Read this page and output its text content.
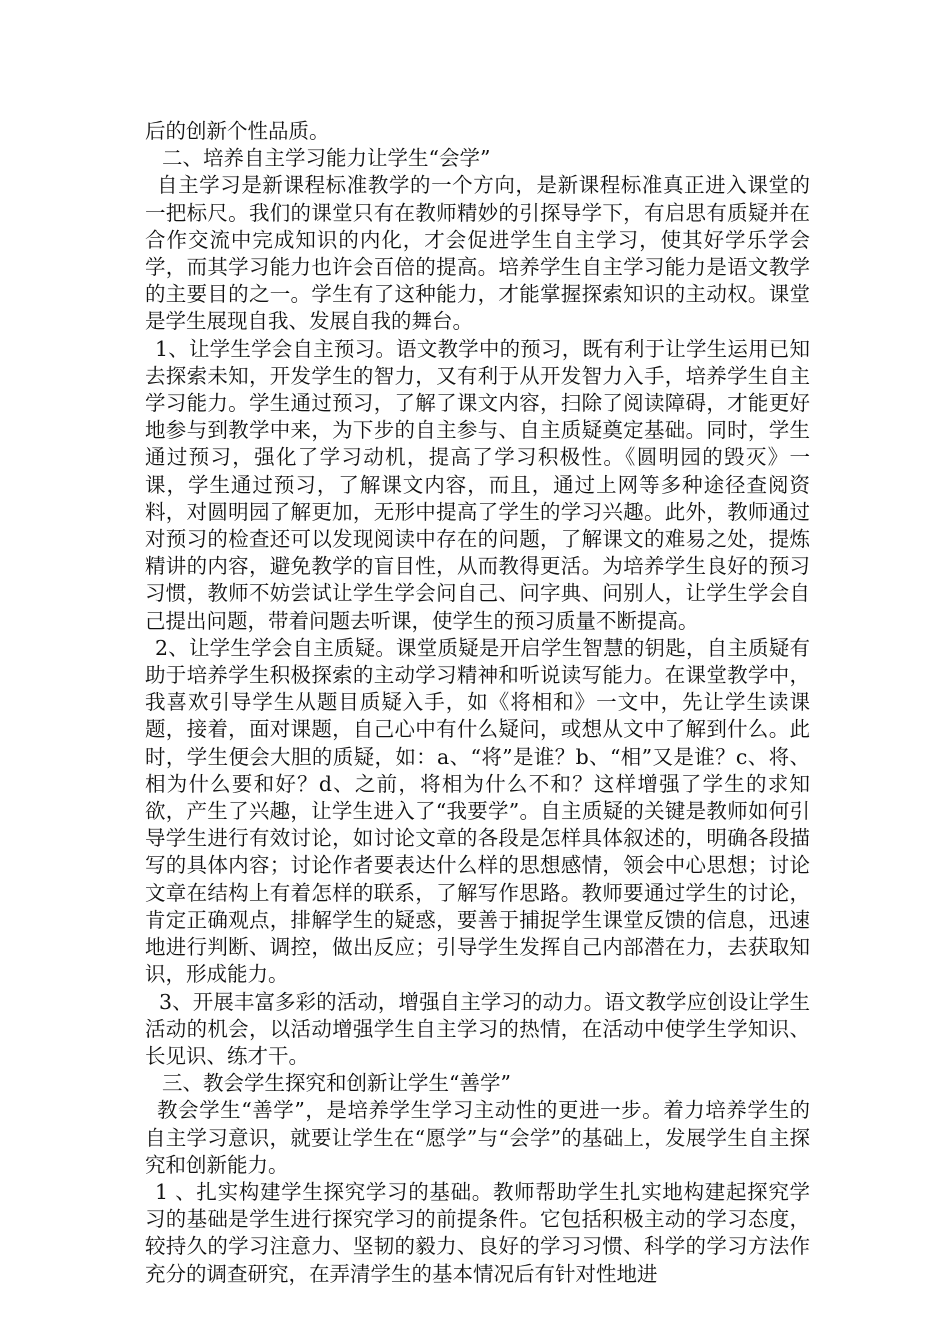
后的创新个性品质。

二、培养自主学习能力让学生“会学”

自主学习是新课程标准教学的一个方向，是新课程标准真正进入课堂的一把标尺。我们的课堂只有在教师精妙的引探导学下，有启思有质疑并在合作交流中完成知识的内化，才会促进学生自主学习，使其好学乐学会学，而其学习能力也许会百倍的提高。培养学生自主学习能力是语文教学的主要目的之一。学生有了这种能力，才能掌握探索知识的主动权。课堂是学生展现自我、发展自我的舞台。

1、让学生学会自主预习。语文教学中的预习，既有利于让学生运用已知去探索未知，开发学生的智力，又有利于从开发智力入手，培养学生自主学习能力。学生通过预习，了解了课文内容，扫除了阅读障碍，才能更好地参与到教学中来，为下步的自主参与、自主质疑奠定基础。同时，学生通过预习，强化了学习动机，提高了学习积极性。《圆明园的毁灭》一课，学生通过预习，了解课文内容，而且，通过上网等多种途径查阅资料，对圆明园了解更加，无形中提高了学生的学习兴趣。此外，教师通过对预习的检查还可以发现阅读中存在的问题，了解课文的难易之处，提炼精讲的内容，避免教学的盲目性，从而教得更活。为培养学生良好的预习习惯，教师不妨尝试让学生学会问自己、问字典、问别人，让学生学会自己提出问题，带着问题去听课，使学生的预习质量不断提高。

2、让学生学会自主质疑。课堂质疑是开启学生智慧的钥匙，自主质疑有助于培养学生积极探索的主动学习精神和听说读写能力。在课堂教学中，我喜欢引导学生从题目质疑入手，如《将相和》一文中，先让学生读课题，接着，面对课题，自己心中有什么疑问，或想从文中了解到什么。此时，学生便会大胆的质疑，如：a、“将”是谁？b、“相”又是谁？c、将、相为什么要和好？d、之前，将相为什么不和？这样增强了学生的求知欲，产生了兴趣，让学生进入了“我要学”。自主质疑的关键是教师如何引导学生进行有效讨论，如讨论文章的各段是怎样具体叙述的，明确各段描写的具体内容；讨论作者要表达什么样的思想感情，领会中心思想；讨论文章在结构上有着怎样的联系，了解写作思路。教师要通过学生的讨论，肯定正确观点，排解学生的疑惑，要善于捕捉学生课堂反馈的信息，迅速地进行判断、调控，做出反应；引导学生发挥自己内部潜在力，去获取知识，形成能力。

3、开展丰富多彩的活动，增强自主学习的动力。语文教学应创设让学生活动的机会，以活动增强学生自主学习的热情，在活动中使学生学知识、长见识、练才干。

三、教会学生探究和创新让学生“善学”

教会学生“善学”，是培养学生学习主动性的更进一步。着力培养学生的自主学习意识，就要让学生在“愿学”与“会学”的基础上，发展学生自主探究和创新能力。

1 、扎实构建学生探究学习的基础。教师帮助学生扎实地构建起探究学习的基础是学生进行探究学习的前提条件。它包括积极主动的学习态度，较持久的学习注意力、坚韧的毅力、良好的学习习惯、科学的学习方法作充分的调查研究，在弄清学生的基本情况后有针对性地进
